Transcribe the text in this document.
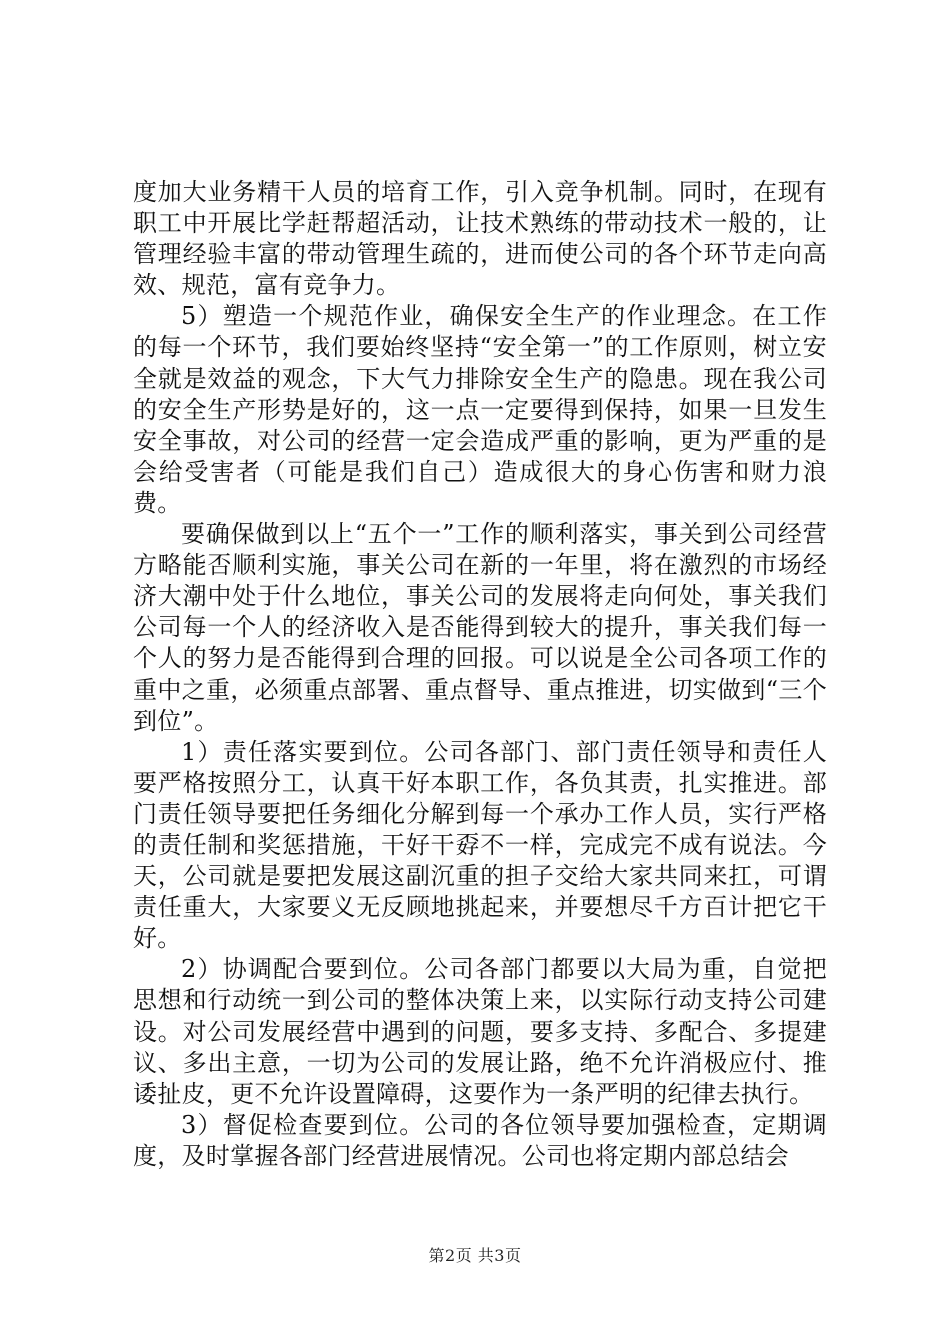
度加大业务精干人员的培育工作，引入竞争机制。同时，在现有职工中开展比学赶帮超活动，让技术熟练的带动技术一般的，让管理经验丰富的带动管理生疏的，进而使公司的各个环节走向高效、规范，富有竞争力。

5）塑造一个规范作业，确保安全生产的作业理念。在工作的每一个环节，我们要始终坚持“安全第一”的工作原则，树立安全就是效益的观念，下大气力排除安全生产的隐患。现在我公司的安全生产形势是好的，这一点一定要得到保持，如果一旦发生安全事故，对公司的经营一定会造成严重的影响，更为严重的是会给受害者（可能是我们自己）造成很大的身心伤害和财力浪费。

要确保做到以上“五个一”工作的顺利落实，事关到公司经营方略能否顺利实施，事关公司在新的一年里，将在激烈的市场经济大潮中处于什么地位，事关公司的发展将走向何处，事关我们公司每一个人的经济收入是否能得到较大的提升，事关我们每一个人的努力是否能得到合理的回报。可以说是全公司各项工作的重中之重，必须重点部署、重点督导、重点推进，切实做到“三个到位”。

1）责任落实要到位。公司各部门、部门责任领导和责任人要严格按照分工，认真干好本职工作，各负其责，扎实推进。部门责任领导要把任务细化分解到每一个承办工作人员，实行严格的责任制和奖惩措施，干好干孬不一样，完成完不成有说法。今天，公司就是要把发展这副沉重的担子交给大家共同来扛，可谓责任重大，大家要义无反顾地挑起来，并要想尽千方百计把它干好。

2）协调配合要到位。公司各部门都要以大局为重，自觉把思想和行动统一到公司的整体决策上来，以实际行动支持公司建设。对公司发展经营中遇到的问题，要多支持、多配合、多提建议、多出主意，一切为公司的发展让路，绝不允许消极应付、推诿扯皮，更不允许设置障碍，这要作为一条严明的纪律去执行。

3）督促检查要到位。公司的各位领导要加强检查，定期调度，及时掌握各部门经营进展情况。公司也将定期内部总结会

第2页 共3页
